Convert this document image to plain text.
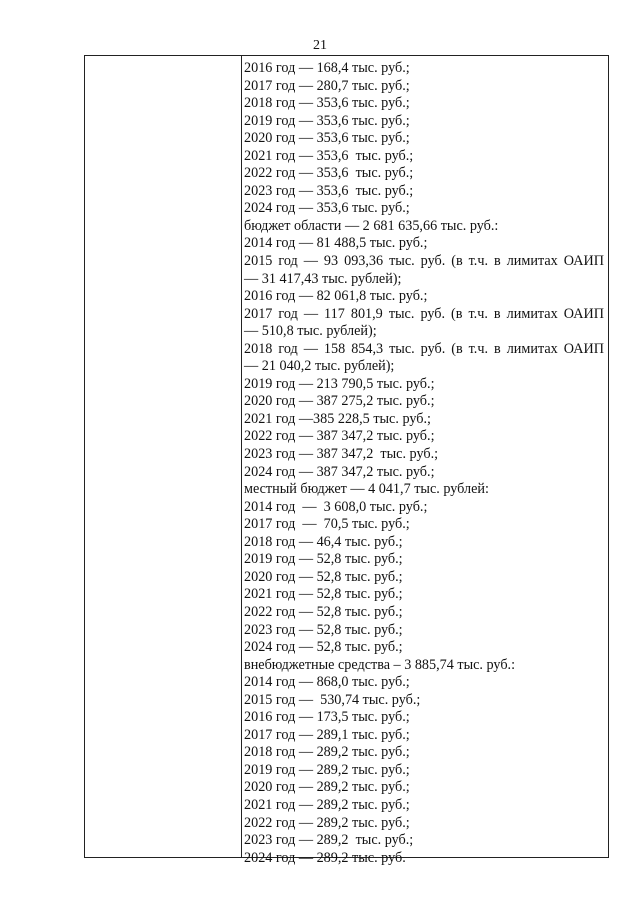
21
2016 год — 168,4 тыс. руб.;
2017 год — 280,7 тыс. руб.;
2018 год — 353,6 тыс. руб.;
2019 год — 353,6 тыс. руб.;
2020 год — 353,6 тыс. руб.;
2021 год — 353,6  тыс. руб.;
2022 год — 353,6  тыс. руб.;
2023 год — 353,6  тыс. руб.;
2024 год — 353,6 тыс. руб.;
бюджет области — 2 681 635,66 тыс. руб.:
2014 год — 81 488,5 тыс. руб.;
2015 год — 93 093,36 тыс. руб. (в т.ч. в лимитах ОАИП
— 31 417,43 тыс. рублей);
2016 год — 82 061,8 тыс. руб.;
2017 год — 117 801,9 тыс. руб. (в т.ч. в лимитах ОАИП
— 510,8 тыс. рублей);
2018 год — 158 854,3 тыс. руб. (в т.ч. в лимитах ОАИП
— 21 040,2 тыс. рублей);
2019 год — 213 790,5 тыс. руб.;
2020 год — 387 275,2 тыс. руб.;
2021 год —385 228,5 тыс. руб.;
2022 год — 387 347,2 тыс. руб.;
2023 год — 387 347,2  тыс. руб.;
2024 год — 387 347,2 тыс. руб.;
местный бюджет — 4 041,7 тыс. рублей:
2014 год  —  3 608,0 тыс. руб.;
2017 год  —  70,5 тыс. руб.;
2018 год — 46,4 тыс. руб.;
2019 год — 52,8 тыс. руб.;
2020 год — 52,8 тыс. руб.;
2021 год — 52,8 тыс. руб.;
2022 год — 52,8 тыс. руб.;
2023 год — 52,8 тыс. руб.;
2024 год — 52,8 тыс. руб.;
внебюджетные средства – 3 885,74 тыс. руб.:
2014 год — 868,0 тыс. руб.;
2015 год —  530,74 тыс. руб.;
2016 год — 173,5 тыс. руб.;
2017 год — 289,1 тыс. руб.;
2018 год — 289,2 тыс. руб.;
2019 год — 289,2 тыс. руб.;
2020 год — 289,2 тыс. руб.;
2021 год — 289,2 тыс. руб.;
2022 год — 289,2 тыс. руб.;
2023 год — 289,2  тыс. руб.;
2024 год — 289,2 тыс. руб.
